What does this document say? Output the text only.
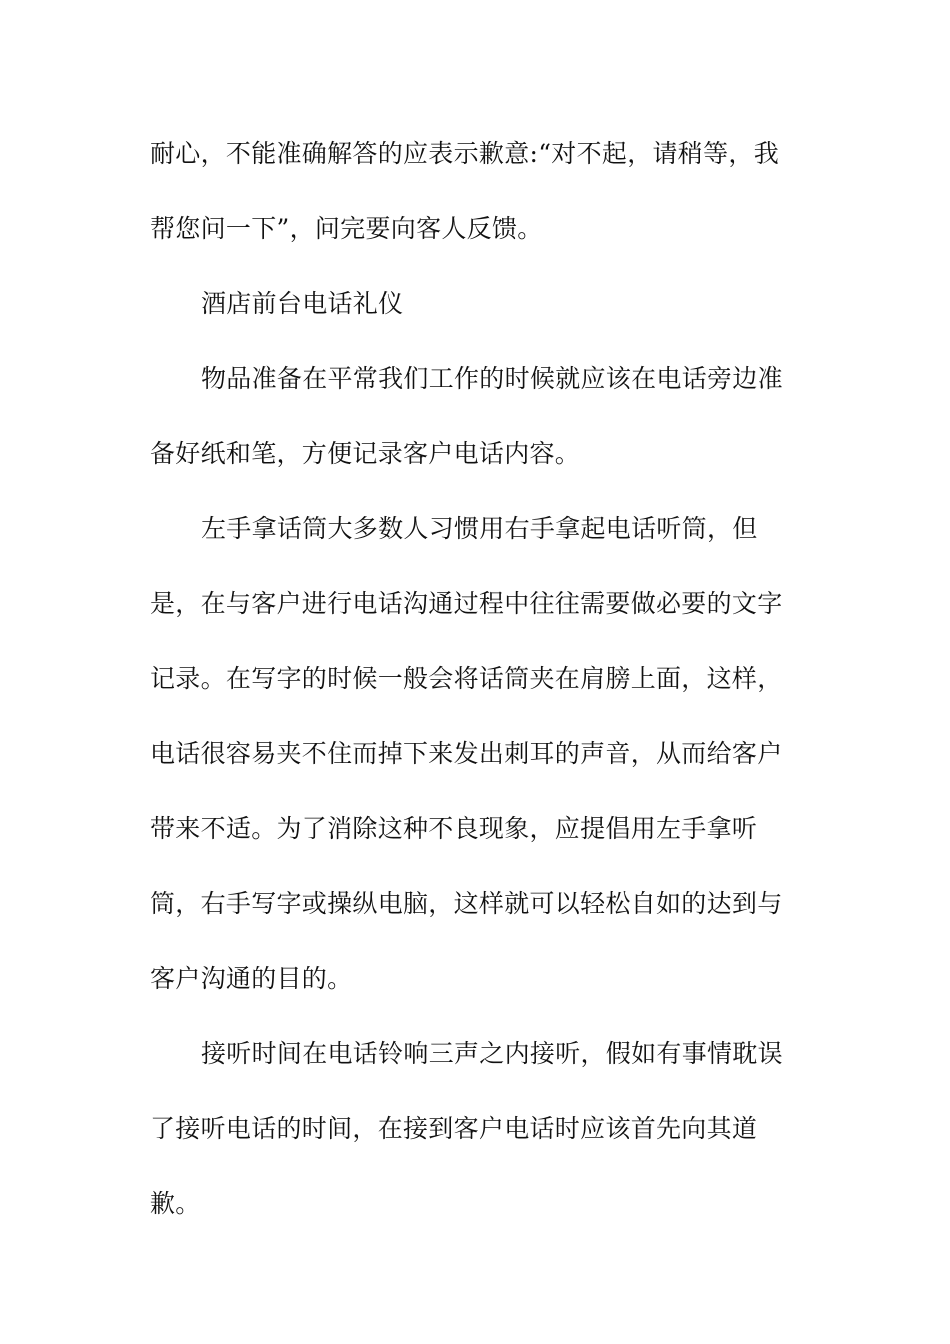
耐心，不能准确解答的应表示歉意:“对不起，请稍等，我
帮您问一下”，问完要向客人反馈。

酒店前台电话礼仪

物品准备在平常我们工作的时候就应该在电话旁边准
备好纸和笔，方便记录客户电话内容。

左手拿话筒大多数人习惯用右手拿起电话听筒，但
是，在与客户进行电话沟通过程中往往需要做必要的文字
记录。在写字的时候一般会将话筒夹在肩膀上面，这样，
电话很容易夹不住而掉下来发出刺耳的声音，从而给客户
带来不适。为了消除这种不良现象，应提倡用左手拿听
筒，右手写字或操纵电脑，这样就可以轻松自如的达到与
客户沟通的目的。

接听时间在电话铃响三声之内接听，假如有事情耽误
了接听电话的时间，在接到客户电话时应该首先向其道
歉。
